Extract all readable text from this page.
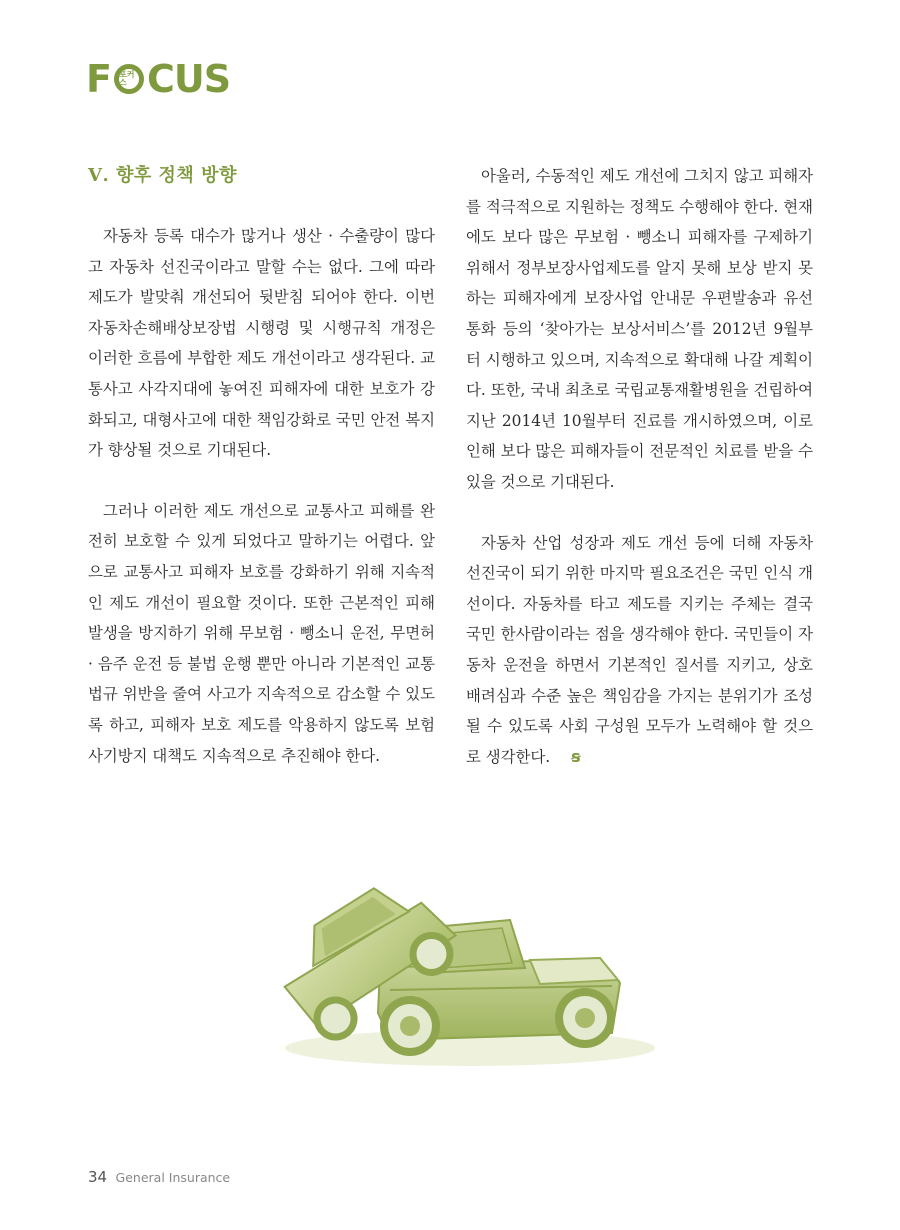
F 포커스 CUS
Ⅴ. 향후 정책 방향

자동차 등록 대수가 많거나 생산 · 수출량이 많다고 자동차 선진국이라고 말할 수는 없다. 그에 따라 제도가 발맞춰 개선되어 뒷받침 되어야 한다. 이번 자동차손해배상보장법 시행령 및 시행규칙 개정은 이러한 흐름에 부합한 제도 개선이라고 생각된다. 교통사고 사각지대에 놓여진 피해자에 대한 보호가 강화되고, 대형사고에 대한 책임강화로 국민 안전 복지가 향상될 것으로 기대된다.

그러나 이러한 제도 개선으로 교통사고 피해를 완전히 보호할 수 있게 되었다고 말하기는 어렵다. 앞으로 교통사고 피해자 보호를 강화하기 위해 지속적인 제도 개선이 필요할 것이다. 또한 근본적인 피해 발생을 방지하기 위해 무보험 · 뺑소니 운전, 무면허 · 음주 운전 등 불법 운행 뿐만 아니라 기본적인 교통법규 위반을 줄여 사고가 지속적으로 감소할 수 있도록 하고, 피해자 보호 제도를 악용하지 않도록 보험사기방지 대책도 지속적으로 추진해야 한다.

아울러, 수동적인 제도 개선에 그치지 않고 피해자를 적극적으로 지원하는 정책도 수행해야 한다. 현재에도 보다 많은 무보험 · 뺑소니 피해자를 구제하기 위해서 정부보장사업제도를 알지 못해 보상 받지 못하는 피해자에게 보장사업 안내문 우편발송과 유선통화 등의 ‘찾아가는 보상서비스’를 2012년 9월부터 시행하고 있으며, 지속적으로 확대해 나갈 계획이다. 또한, 국내 최초로 국립교통재활병원을 건립하여 지난 2014년 10월부터 진료를 개시하였으며, 이로 인해 보다 많은 피해자들이 전문적인 치료를 받을 수 있을 것으로 기대된다.

자동차 산업 성장과 제도 개선 등에 더해 자동차 선진국이 되기 위한 마지막 필요조건은 국민 인식 개선이다. 자동차를 타고 제도를 지키는 주체는 결국 국민 한사람이라는 점을 생각해야 한다. 국민들이 자동차 운전을 하면서 기본적인 질서를 지키고, 상호 배려심과 수준 높은 책임감을 가지는 분위기가 조성될 수 있도록 사회 구성원 모두가 노력해야 할 것으로 생각한다. ꞩ

34 General Insurance
